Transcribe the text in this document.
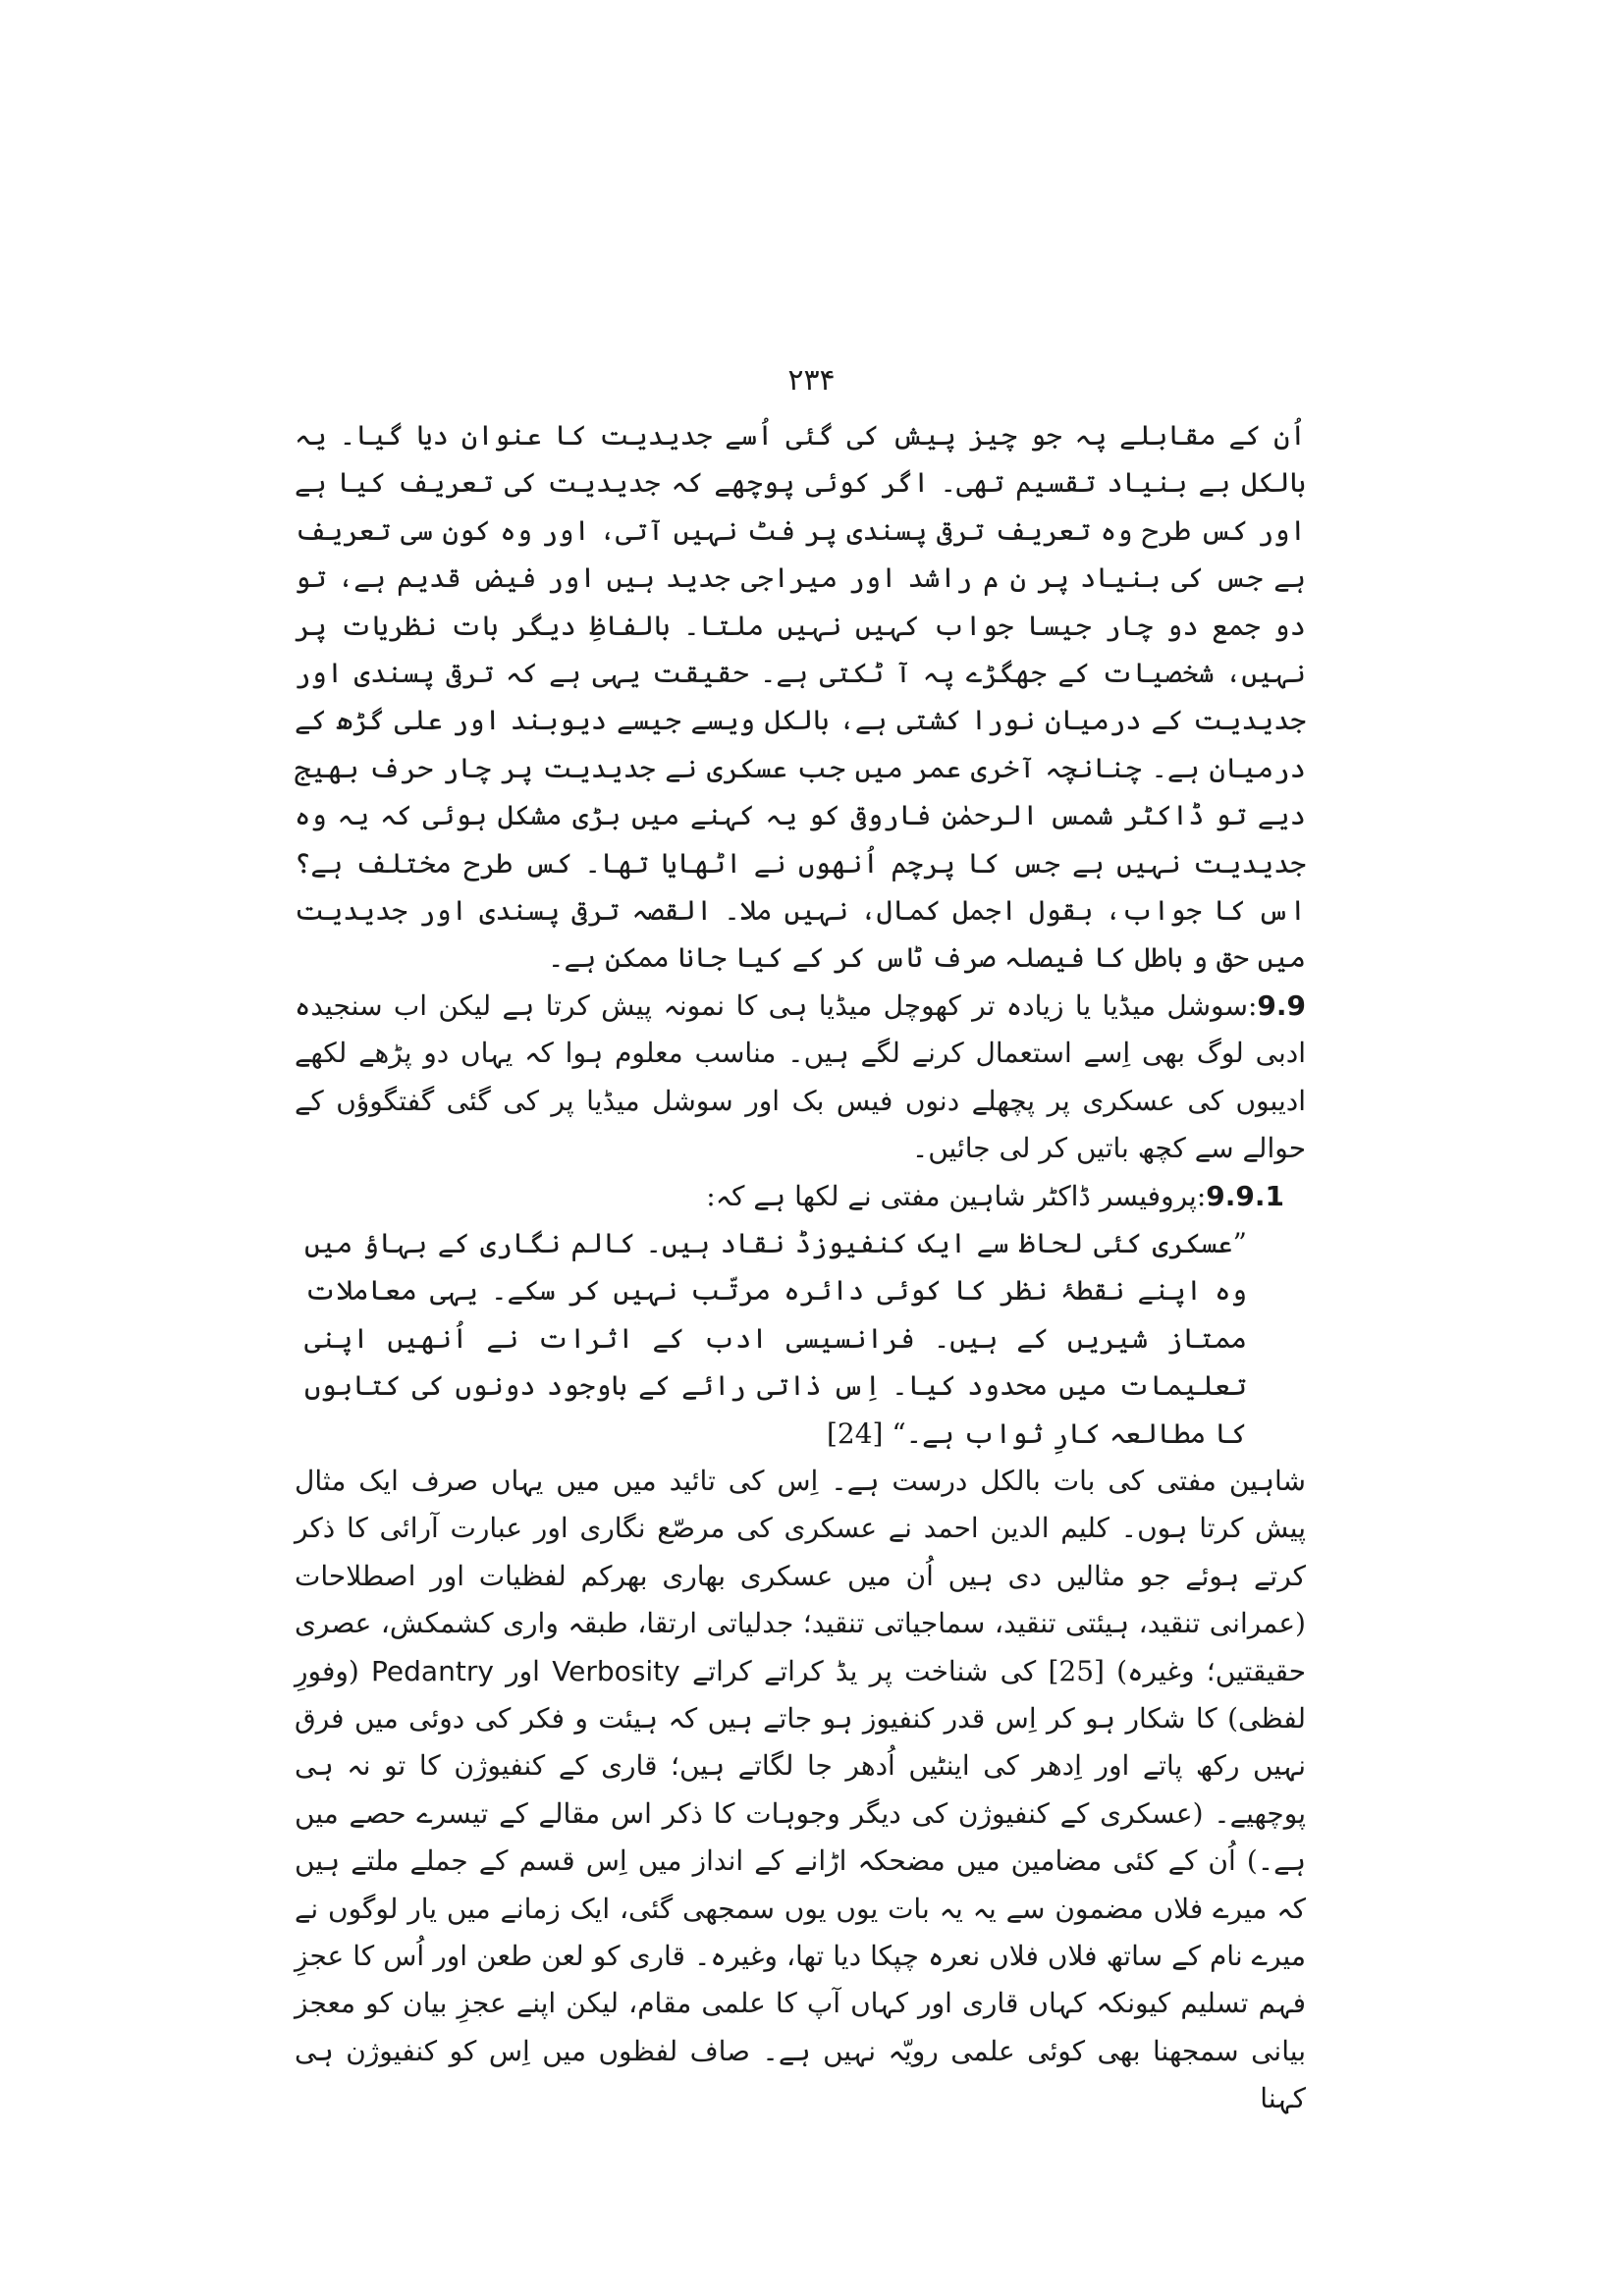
۲۳۴

اُن کے مقابلے پہ جو چیز پیش کی گئی اُسے جدیدیت کا عنوان دیا گیا۔ یہ بالکل بے بنیاد تقسیم تھی۔ اگر کوئی پوچھے کہ جدیدیت کی تعریف کیا ہے اور کس طرح وہ تعریف ترقی پسندی پر فٹ نہیں آتی، اور وہ کون سی تعریف ہے جس کی بنیاد پر ن م راشد اور میراجی جدید ہیں اور فیض قدیم ہے، تو دو جمع دو چار جیسا جواب کہیں نہیں ملتا۔ بالفاظِ دیگر بات نظریات پر نہیں، شخصیات کے جھگڑے پہ آ ٹکتی ہے۔ حقیقت یہی ہے کہ ترقی پسندی اور جدیدیت کے درمیان نورا کشتی ہے، بالکل ویسے جیسے دیوبند اور علی گڑھ کے درمیان ہے۔ چنانچہ آخری عمر میں جب عسکری نے جدیدیت پر چار حرف بھیج دیے تو ڈاکٹر شمس الرحمٰن فاروقی کو یہ کہنے میں بڑی مشکل ہوئی کہ یہ وہ جدیدیت نہیں ہے جس کا پرچم اُنھوں نے اٹھایا تھا۔ کس طرح مختلف ہے؟ اس کا جواب، بقول اجمل کمال، نہیں ملا۔ القصہ ترقی پسندی اور جدیدیت میں حق و باطل کا فیصلہ صرف ٹاس کر کے کیا جانا ممکن ہے۔

9.9:سوشل میڈیا یا زیادہ تر کھوچل میڈیا ہی کا نمونہ پیش کرتا ہے لیکن اب سنجیدہ ادبی لوگ بھی اِسے استعمال کرنے لگے ہیں۔ مناسب معلوم ہوا کہ یہاں دو پڑھے لکھے ادیبوں کی عسکری پر پچھلے دنوں فیس بک اور سوشل میڈیا پر کی گئی گفتگوؤں کے حوالے سے کچھ باتیں کر لی جائیں۔

9.9.1:پروفیسر ڈاکٹر شاہین مفتی نے لکھا ہے کہ:

”عسکری کئی لحاظ سے ایک کنفیوزڈ نقاد ہیں۔ کالم نگاری کے بہاؤ میں وہ اپنے نقطۂ نظر کا کوئی دائرہ مرتّب نہیں کر سکے۔ یہی معاملات ممتاز شیریں کے ہیں۔ فرانسیسی ادب کے اثرات نے اُنھیں اپنی تعلیمات میں محدود کیا۔ اِس ذاتی رائے کے باوجود دونوں کی کتابوں کا مطالعہ کارِ ثواب ہے۔“ [24]

شاہین مفتی کی بات بالکل درست ہے۔ اِس کی تائید میں میں یہاں صرف ایک مثال پیش کرتا ہوں۔ کلیم الدین احمد نے عسکری کی مرصّع نگاری اور عبارت آرائی کا ذکر کرتے ہوئے جو مثالیں دی ہیں اُن میں عسکری بھاری بھرکم لفظیات اور اصطلاحات (عمرانی تنقید، ہیئتی تنقید، سماجیاتی تنقید؛ جدلیاتی ارتقا، طبقہ واری کشمکش، عصری حقیقتیں؛ وغیرہ) [25] کی شناخت پر یڈ کراتے کراتے Verbosity اور Pedantry (وفورِ لفظی) کا شکار ہو کر اِس قدر کنفیوز ہو جاتے ہیں کہ ہیئت و فکر کی دوئی میں فرق نہیں رکھ پاتے اور اِدھر کی اینٹیں اُدھر جا لگاتے ہیں؛ قاری کے کنفیوژن کا تو نہ ہی پوچھیے۔ (عسکری کے کنفیوژن کی دیگر وجوہات کا ذکر اس مقالے کے تیسرے حصے میں ہے۔) اُن کے کئی مضامین میں مضحکہ اڑانے کے انداز میں اِس قسم کے جملے ملتے ہیں کہ میرے فلاں مضمون سے یہ یہ بات یوں یوں سمجھی گئی، ایک زمانے میں یار لوگوں نے میرے نام کے ساتھ فلاں فلاں نعرہ چپکا دیا تھا، وغیرہ۔ قاری کو لعن طعن اور اُس کا عجزِ فہم تسلیم کیونکہ کہاں قاری اور کہاں آپ کا علمی مقام، لیکن اپنے عجزِ بیان کو معجز بیانی سمجھنا بھی کوئی علمی رویّہ نہیں ہے۔ صاف لفظوں میں اِس کو کنفیوژن ہی کہنا
